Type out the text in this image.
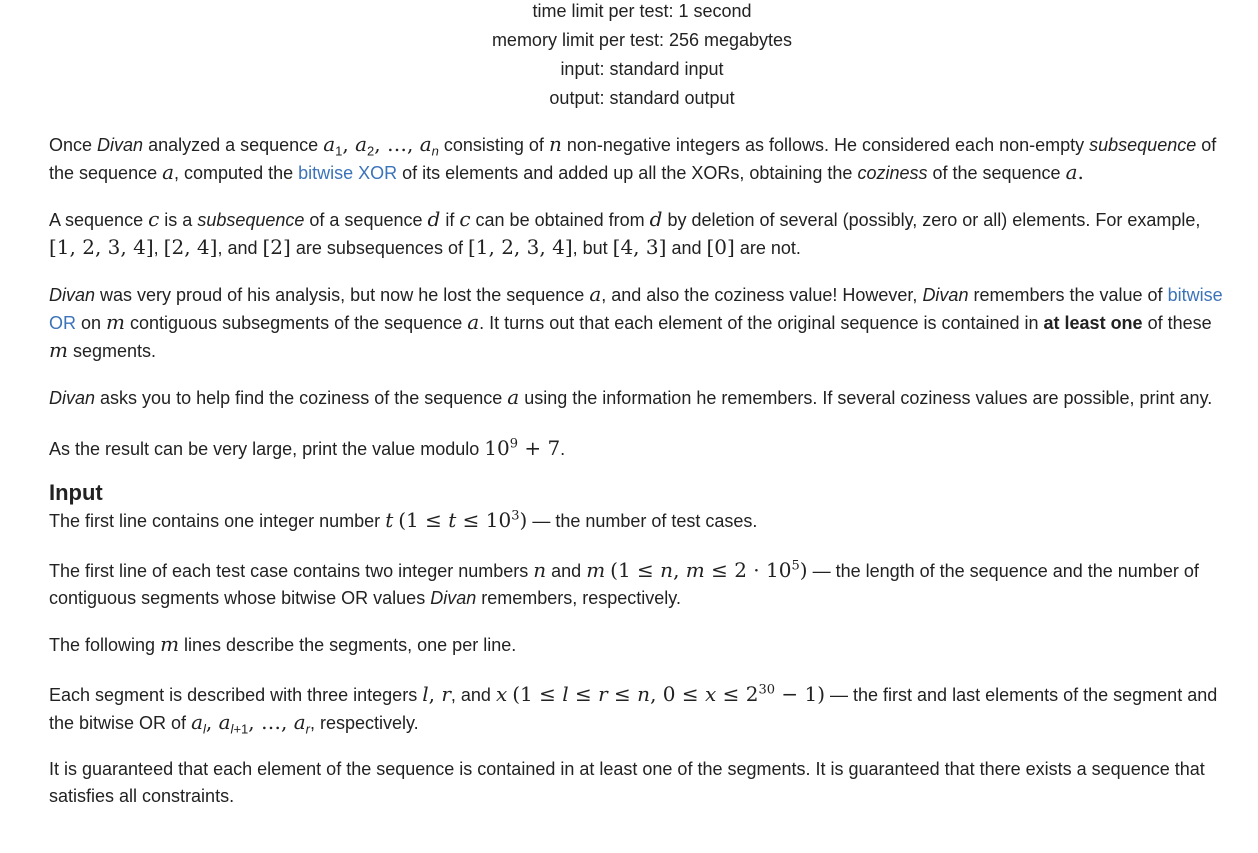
time limit per test: 1 second
memory limit per test: 256 megabytes
input: standard input
output: standard output

Once Divan analyzed a sequence $a_1$, $a_2$, …, $a_n$ consisting of n non-negative integers as follows. He considered each non-empty subsequence of the sequence a, computed the bitwise XOR of its elements and added up all the XORs, obtaining the coziness of the sequence a.

A sequence c is a subsequence of a sequence d if c can be obtained from d by deletion of several (possibly, zero or all) elements. For example, [1, 2, 3, 4], [2, 4], and [2] are subsequences of [1, 2, 3, 4], but [4, 3] and [0] are not.

Divan was very proud of his analysis, but now he lost the sequence a, and also the coziness value! However, Divan remembers the value of bitwise OR on m contiguous subsegments of the sequence a. It turns out that each element of the original sequence is contained in at least one of these m segments.

Divan asks you to help find the coziness of the sequence a using the information he remembers. If several coziness values are possible, print any.

As the result can be very large, print the value modulo $10^9 + 7$.

Input

The first line contains one integer number t $(1 \le t \le 10^3)$ — the number of test cases.

The first line of each test case contains two integer numbers n and m (1 ≤ n, $m \le 2 \cdot 10^5$) — the length of the sequence and the number of contiguous segments whose bitwise OR values Divan remembers, respectively.

The following m lines describe the segments, one per line.

Each segment is described with three integers l, r, and x (1 ≤ l ≤ r ≤ n, $0 \le x \le 2^{30} - 1$) — the first and last elements of the segment and the bitwise OR of $a_l$, $a_{l+1}$, …, $a_r$, respectively.

It is guaranteed that each element of the sequence is contained in at least one of the segments. It is guaranteed that there exists a sequence that satisfies all constraints.
